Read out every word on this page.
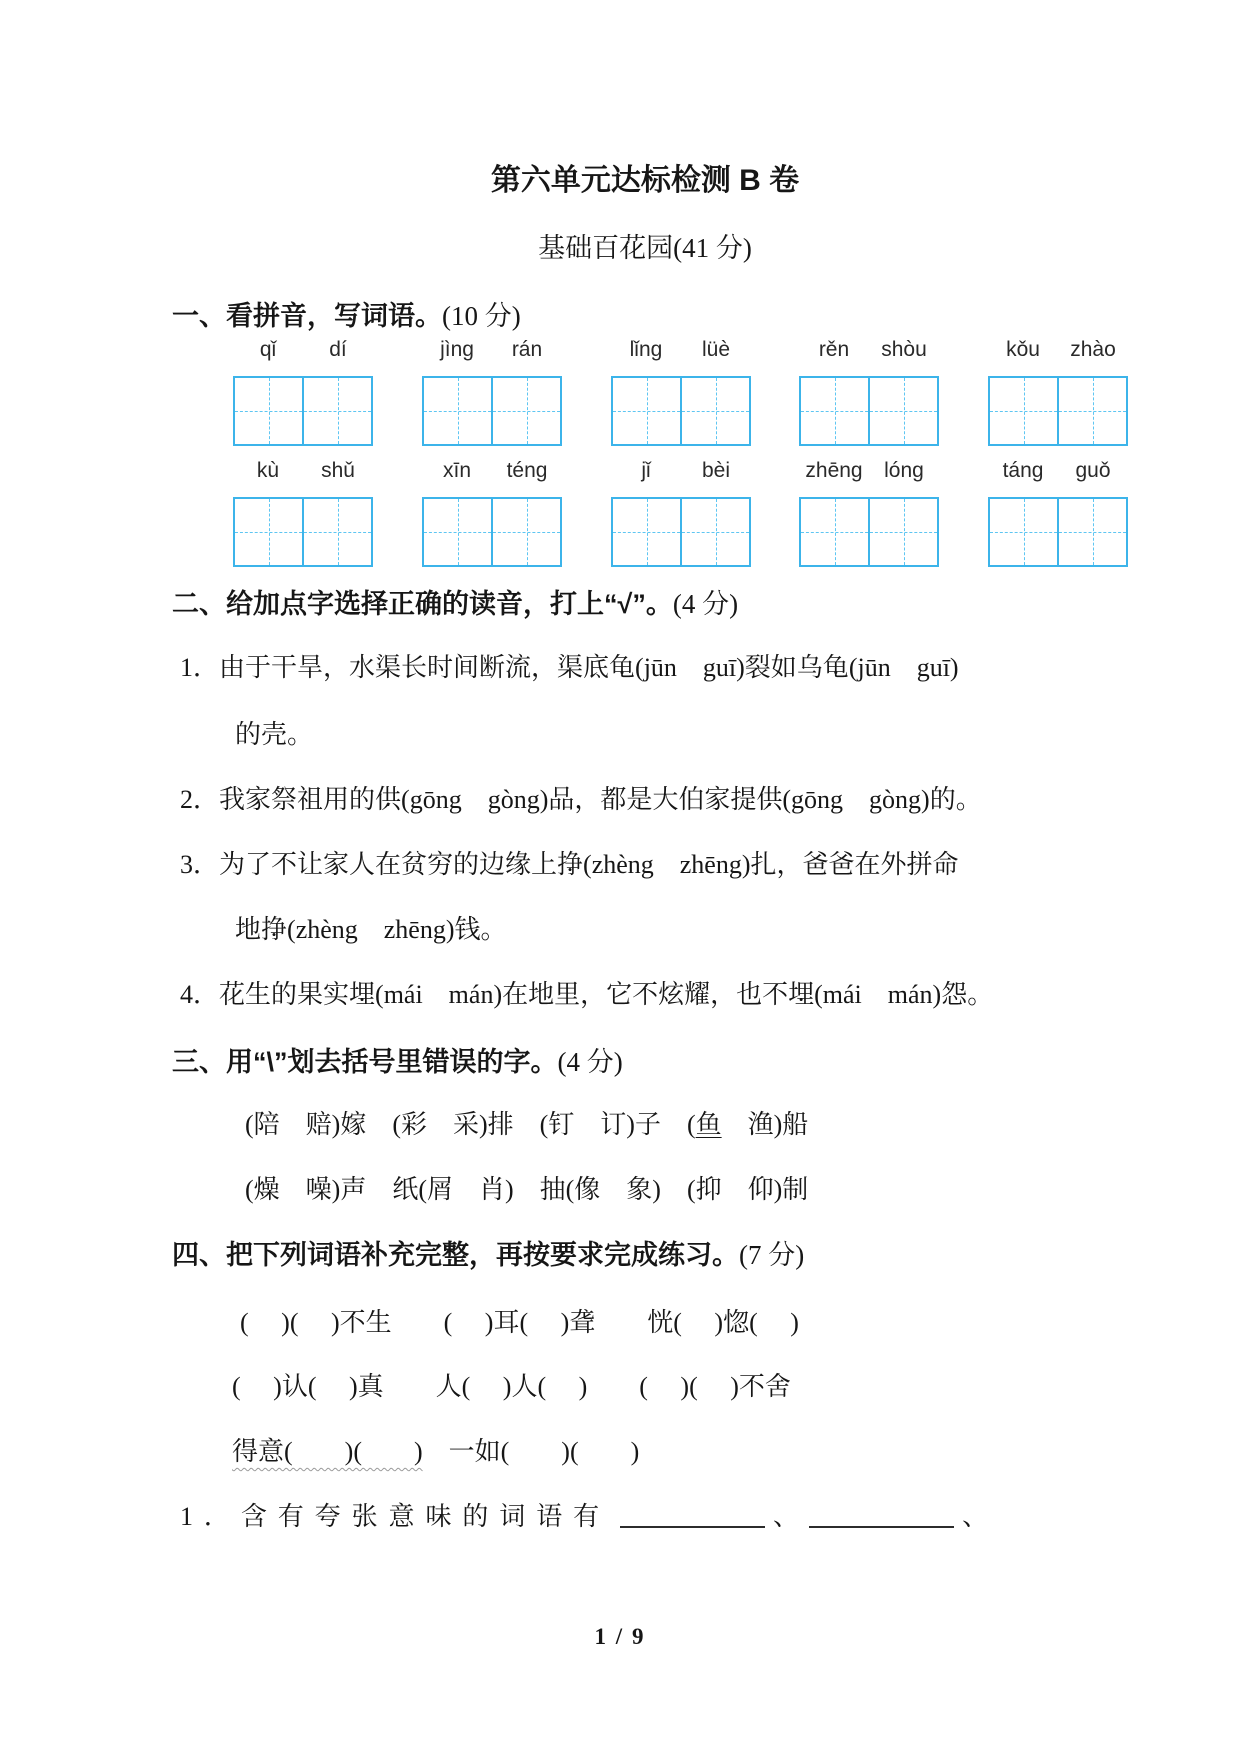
第六单元达标检测 B 卷
基础百花园(41 分)
一、看拼音，写词语。(10 分)
qǐ	dí	jìng	rán	lǐng	lüè	rěn	shòu	kǒu	zhào
kù	shǔ	xīn	téng	jǐ	bèi	zhēng	lóng	táng	guǒ
二、给加点字选择正确的读音，打上“√”。(4 分)
1．由于干旱，水渠长时间断流，渠底龟 •(jūn　guī)裂如乌龟 •(jūn　guī)
的壳。
2．我家祭祖用的供 •(gōng　gòng)品，都是大伯家提供 •(gōng　gòng)的。
3．为了不让家人在贫穷的边缘上挣 •(zhèng　zhēng)扎，爸爸在外拼命
地挣 •(zhèng　zhēng)钱。
4．花生的果实埋 •(mái　mán)在地里，它不炫耀，也不埋 •(mái　mán)怨。
三、用“\”划去括号里错误的字。(4 分)
(陪　赔)嫁　(彩　采)排　(钉　订)子　(鱼　渔)船
(燥　噪)声　纸(屑　肖)　抽(像　象)　(抑　仰)制
四、把下列词语补充完整，再按要求完成练习。(7 分)
(　 )(　 )不生　　(　 )耳(　 )聋　　恍(　 )惚(　 )
(　 )认(　 )真　　人(　 )人(　 )　　(　 )(　 )不舍
得意(　　)(　　)　一如(　　)(　　)
1．含有夸张意味的词语有	、	、
1 / 9
